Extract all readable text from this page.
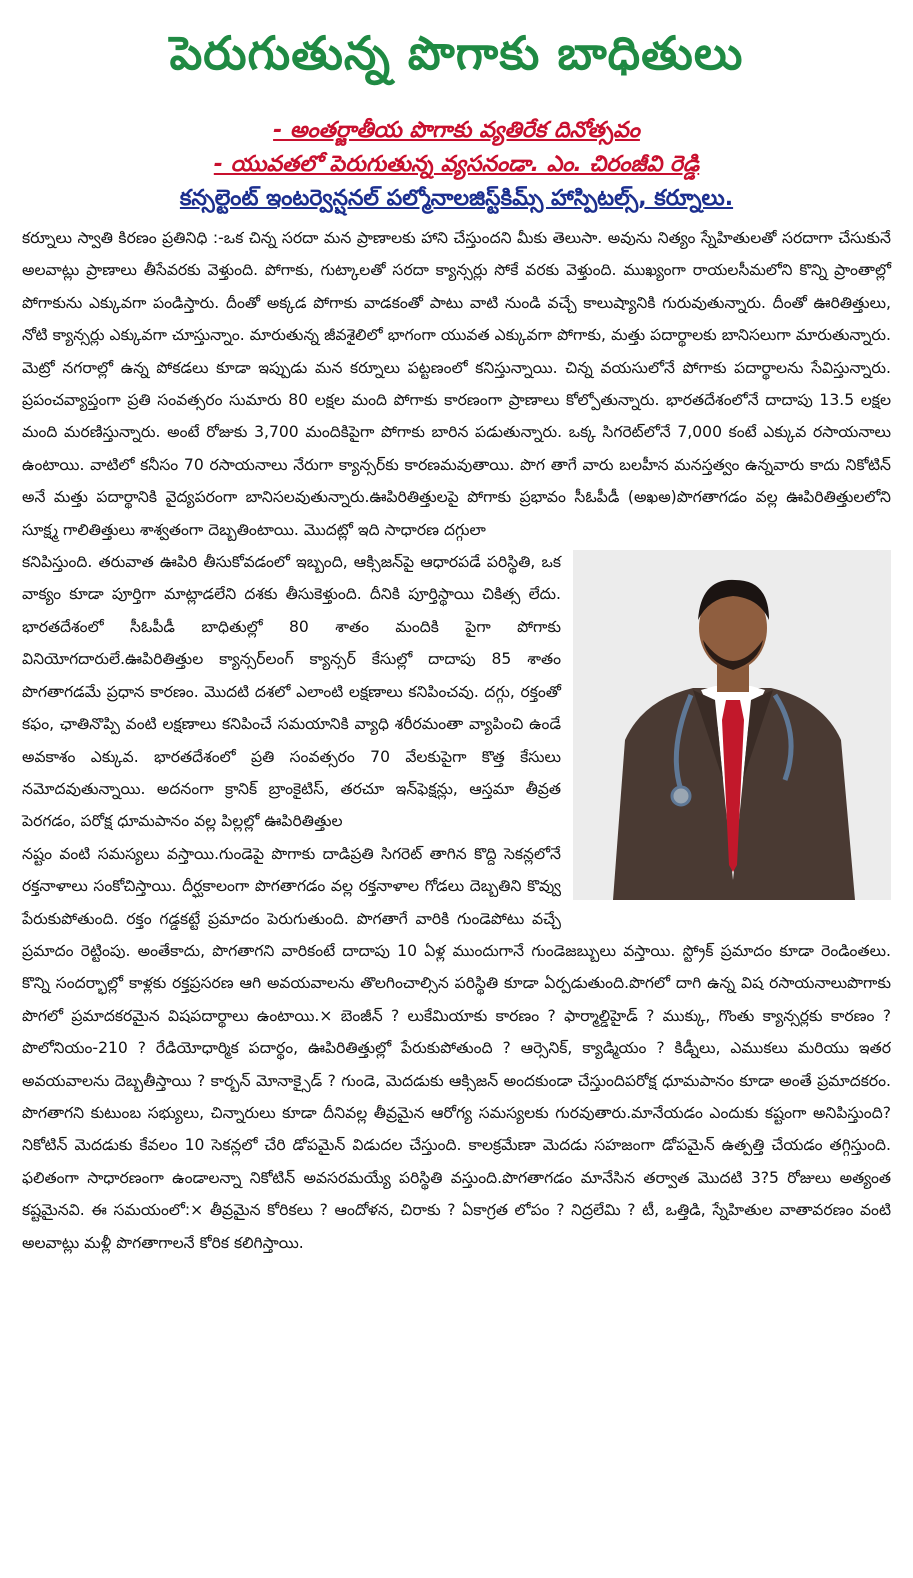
పెరుగుతున్న పొగాకు బాధితులు
- అంతర్జాతీయ పొగాకు వ్యతిరేక దినోత్సవం
- యువతలో పెరుగుతున్న వ్యసనండా. ఎం. చిరంజీవి రెడ్డి
కన్సల్టెంట్ ఇంటర్వెన్షనల్ పల్మోనాలజిస్ట్‌కిమ్స్ హాస్పిటల్స్, కర్నూలు.

కర్నూలు స్వాతి కిరణం ప్రతినిధి :-ఒక చిన్న సరదా మన ప్రాణాలకు హాని చేస్తుందని మీకు తెలుసా. అవును నిత్యం స్నేహితులతో సరదాగా చేసుకునే అలవాట్లు ప్రాణాలు తీసేవరకు వెళ్తుంది. పోగాకు, గుట్కాలతో సరదా క్యాన్సర్లు సోకే వరకు వెళ్తుంది. ముఖ్యంగా రాయలసీమలోని కొన్ని ప్రాంతాల్లో పోగాకును ఎక్కువగా పండిస్తారు. దీంతో అక్కడ పోగాకు వాడకంతో పాటు వాటి నుండి వచ్చే కాలుష్యానికి గురువుతున్నారు. దీంతో ఊరితిత్తులు, నోటి క్యాన్సర్లు ఎక్కువగా చూస్తున్నాం. మారుతున్న జీవశైలిలో భాగంగా యువత ఎక్కువగా పోగాకు, మత్తు పదార్థాలకు బానిసలుగా మారుతున్నారు. మెట్రో నగరాల్లో ఉన్న పోకడలు కూడా ఇప్పుడు మన కర్నూలు పట్టణంలో కనిస్తున్నాయి. చిన్న వయసులోనే పోగాకు పదార్థాలను సేవిస్తున్నారు. ప్రపంచవ్యాప్తంగా ప్రతి సంవత్సరం సుమారు 80 లక్షల మంది పోగాకు కారణంగా ప్రాణాలు కోల్పోతున్నారు. భారతదేశంలోనే దాదాపు 13.5 లక్షల మంది మరణిస్తున్నారు. అంటే రోజుకు 3,700 మందికిపైగా పోగాకు బారిన పడుతున్నారు. ఒక్క సిగరెట్‌లోనే 7,000 కంటే ఎక్కువ రసాయనాలు ఉంటాయి. వాటిలో కనీసం 70 రసాయనాలు నేరుగా క్యాన్సర్‌కు కారణమవుతాయి. పొగ తాగే వారు బలహీన మనస్తత్వం ఉన్నవారు కాదు నికోటిన్ అనే మత్తు పదార్థానికి వైద్యపరంగా బానిసలవుతున్నారు.ఊపిరితిత్తులపై పోగాకు ప్రభావం సీఓపీడీ (అఖఅ)పొగతాగడం వల్ల ఊపిరితిత్తులలోని సూక్ష్మ గాలితిత్తులు శాశ్వతంగా దెబ్బతింటాయి. మొదట్లో ఇది సాధారణ దగ్గులా

కనిపిస్తుంది. తరువాత ఊపిరి తీసుకోవడంలో ఇబ్బంది, ఆక్సిజన్‌పై ఆధారపడే పరిస్థితి, ఒక వాక్యం కూడా పూర్తిగా మాట్లాడలేని దశకు తీసుకెళ్తుంది. దీనికి పూర్తిస్థాయి చికిత్స లేదు. భారతదేశంలో సీఓపీడీ బాధితుల్లో 80 శాతం మందికి పైగా పోగాకు వినియోగదారులే.ఊపిరితిత్తుల క్యాన్సర్‌లంగ్ క్యాన్సర్ కేసుల్లో దాదాపు 85 శాతం పొగతాగడమే ప్రధాన కారణం. మొదటి దశలో ఎలాంటి లక్షణాలు కనిపించవు. దగ్గు, రక్తంతో కఫం, ఛాతినొప్పి వంటి లక్షణాలు కనిపించే సమయానికి వ్యాధి శరీరమంతా వ్యాపించి ఉండే అవకాశం ఎక్కువ. భారతదేశంలో ప్రతి సంవత్సరం 70 వేలకుపైగా కొత్త కేసులు నమోదవుతున్నాయి. అదనంగా క్రానిక్ బ్రాంకైటిస్, తరచూ ఇన్‌ఫెక్షన్లు, ఆస్తమా తీవ్రత పెరగడం, పరోక్ష ధూమపానం వల్ల పిల్లల్లో ఊపిరితిత్తుల

నష్టం వంటి సమస్యలు వస్తాయి.గుండెపై పొగాకు దాడిప్రతి సిగరెట్ తాగిన కొద్ది సెకన్లలోనే రక్తనాళాలు సంకోచిస్తాయి. దీర్ఘకాలంగా పొగతాగడం వల్ల రక్తనాళాల గోడలు దెబ్బతిని కొవ్వు పేరుకుపోతుంది. రక్తం గడ్డకట్టే ప్రమాదం పెరుగుతుంది. పొగతాగే వారికి గుండెపోటు వచ్చే ప్రమాదం రెట్టింపు. అంతేకాదు, పొగతాగని వారికంటే దాదాపు 10 ఏళ్ల ముందుగానే గుండెజబ్బులు వస్తాయి. స్ట్రోక్ ప్రమాదం కూడా రెండింతలు. కొన్ని సందర్భాల్లో కాళ్లకు రక్తప్రసరణ ఆగి అవయవాలను తొలగించాల్సిన పరిస్థితి కూడా ఏర్పడుతుంది.పొగలో దాగి ఉన్న విష రసాయనాలుపొగాకు పొగలో ప్రమాదకరమైన విషపదార్థాలు ఉంటాయి.× బెంజీన్ ? లుకేమియాకు కారణం ? ఫార్మాల్డిహైడ్ ? ముక్కు, గొంతు క్యాన్సర్లకు కారణం ? పొలోనియం-210 ? రేడియోధార్మిక పదార్థం, ఊపిరితిత్తుల్లో పేరుకుపోతుంది ? ఆర్సెనిక్, క్యాడ్మియం ? కిడ్నీలు, ఎముకలు మరియు ఇతర అవయవాలను దెబ్బతీస్తాయి ? కార్బన్ మోనాక్సైడ్ ? గుండె, మెదడుకు ఆక్సిజన్ అందకుండా చేస్తుందిపరోక్ష ధూమపానం కూడా అంతే ప్రమాదకరం. పొగతాగని కుటుంబ సభ్యులు, చిన్నారులు కూడా దీనివల్ల తీవ్రమైన ఆరోగ్య సమస్యలకు గురవుతారు.మానేయడం ఎందుకు కష్టంగా అనిపిస్తుంది?నికోటిన్ మెదడుకు కేవలం 10 సెకన్లలో చేరి డోపమైన్ విడుదల చేస్తుంది. కాలక్రమేణా మెదడు సహజంగా డోపమైన్ ఉత్పత్తి చేయడం తగ్గిస్తుంది. ఫలితంగా సాధారణంగా ఉండాలన్నా నికోటిన్ అవసరమయ్యే పరిస్థితి వస్తుంది.పొగతాగడం మానేసిన తర్వాత మొదటి 3?5 రోజులు అత్యంత కష్టమైనవి. ఈ సమయంలో:× తీవ్రమైన కోరికలు ? ఆందోళన, చిరాకు ? ఏకాగ్రత లోపం ? నిద్రలేమి ? టీ, ఒత్తిడి, స్నేహితుల వాతావరణం వంటి అలవాట్లు మళ్లీ పొగతాగాలనే కోరిక కలిగిస్తాయి.
